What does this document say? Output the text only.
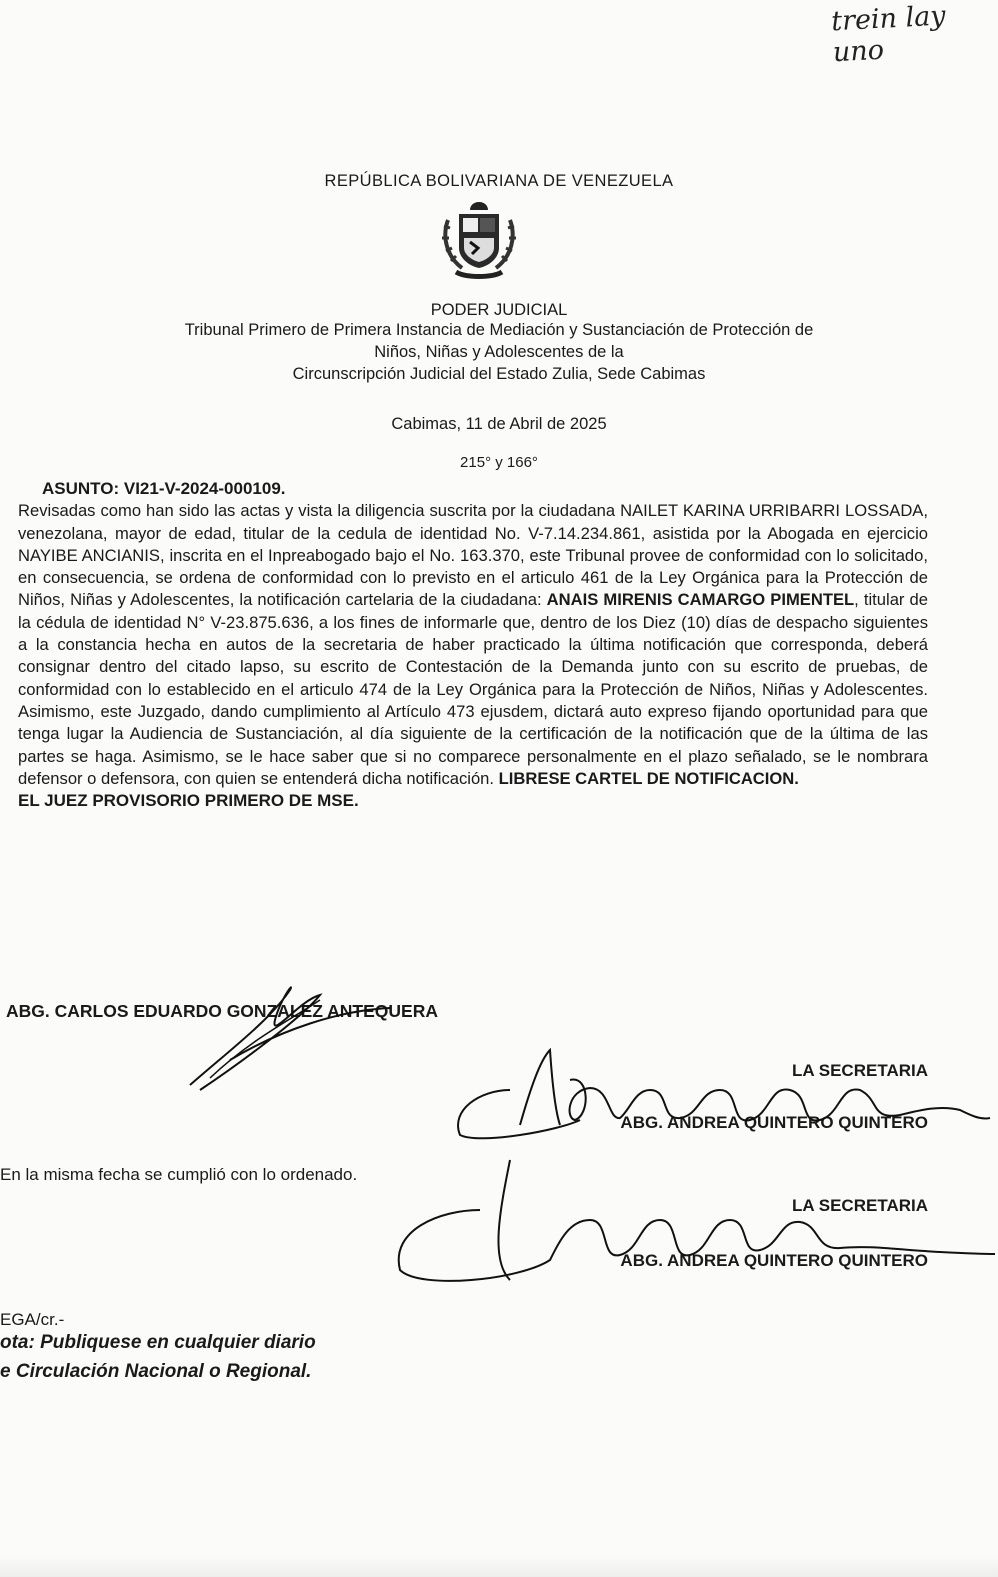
trein lay uno
REPÚBLICA BOLIVARIANA DE VENEZUELA
PODER JUDICIAL
Tribunal Primero de Primera Instancia de Mediación y Sustanciación de Protección de
Niños, Niñas y Adolescentes de la
Circunscripción Judicial del Estado Zulia, Sede Cabimas
Cabimas, 11 de Abril de 2025
215° y 166°
ASUNTO: VI21-V-2024-000109.

Revisadas como han sido las actas y vista la diligencia suscrita por la ciudadana NAILET KARINA URRIBARRI LOSSADA, venezolana, mayor de edad, titular de la cedula de identidad No. V-7.14.234.861, asistida por la Abogada en ejercicio NAYIBE ANCIANIS, inscrita en el Inpreabogado bajo el No. 163.370, este Tribunal provee de conformidad con lo solicitado, en consecuencia, se ordena de conformidad con lo previsto en el articulo 461 de la Ley Orgánica para la Protección de Niños, Niñas y Adolescentes, la notificación cartelaria de la ciudadana: ANAIS MIRENIS CAMARGO PIMENTEL, titular de la cédula de identidad N° V-23.875.636, a los fines de informarle que, dentro de los Diez (10) días de despacho siguientes a la constancia hecha en autos de la secretaria de haber practicado la última notificación que corresponda, deberá consignar dentro del citado lapso, su escrito de Contestación de la Demanda junto con su escrito de pruebas, de conformidad con lo establecido en el articulo 474 de la Ley Orgánica para la Protección de Niños, Niñas y Adolescentes. Asimismo, este Juzgado, dando cumplimiento al Artículo 473 ejusdem, dictará auto expreso fijando oportunidad para que tenga lugar la Audiencia de Sustanciación, al día siguiente de la certificación de la notificación que de la última de las partes se haga. Asimismo, se le hace saber que si no comparece personalmente en el plazo señalado, se le nombrara defensor o defensora, con quien se entenderá dicha notificación. LIBRESE CARTEL DE NOTIFICACION.

EL JUEZ PROVISORIO PRIMERO DE MSE.
ABG. CARLOS EDUARDO GONZALEZ ANTEQUERA
LA SECRETARIA
ABG. ANDREA QUINTERO QUINTERO
En la misma fecha se cumplió con lo ordenado.
LA SECRETARIA
ABG. ANDREA QUINTERO QUINTERO
EGA/cr.-
ota: Publiquese en cualquier diario
e Circulación Nacional o Regional.
